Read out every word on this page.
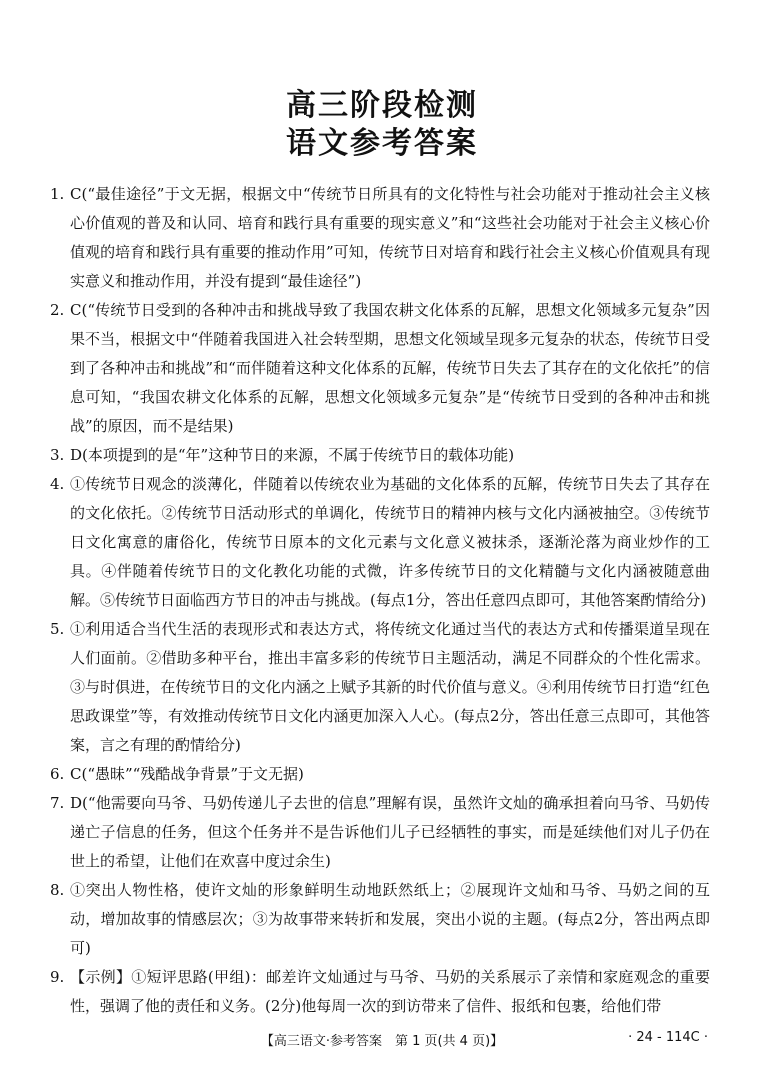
高三阶段检测
语文参考答案
1. C(“最佳途径”于文无据，根据文中“传统节日所具有的文化特性与社会功能对于推动社会主义核心价值观的普及和认同、培育和践行具有重要的现实意义”和“这些社会功能对于社会主义核心价值观的培育和践行具有重要的推动作用”可知，传统节日对培育和践行社会主义核心价值观具有现实意义和推动作用，并没有提到“最佳途径”)
2. C(“传统节日受到的各种冲击和挑战导致了我国农耕文化体系的瓦解，思想文化领域多元复杂”因果不当，根据文中“伴随着我国进入社会转型期，思想文化领域呈现多元复杂的状态，传统节日受到了各种冲击和挑战”和“而伴随着这种文化体系的瓦解，传统节日失去了其存在的文化依托”的信息可知，“我国农耕文化体系的瓦解，思想文化领域多元复杂”是“传统节日受到的各种冲击和挑战”的原因，而不是结果)
3. D(本项提到的是“年”这种节日的来源，不属于传统节日的载体功能)
4. ①传统节日观念的淡薄化，伴随着以传统农业为基础的文化体系的瓦解，传统节日失去了其存在的文化依托。②传统节日活动形式的单调化，传统节日的精神内核与文化内涵被抽空。③传统节日文化寓意的庸俗化，传统节日原本的文化元素与文化意义被抹杀，逐渐沦落为商业炒作的工具。④伴随着传统节日的文化教化功能的式微，许多传统节日的文化精髓与文化内涵被随意曲解。⑤传统节日面临西方节日的冲击与挑战。(每点1分，答出任意四点即可，其他答案酌情给分)
5. ①利用适合当代生活的表现形式和表达方式，将传统文化通过当代的表达方式和传播渠道呈现在人们面前。②借助多种平台，推出丰富多彩的传统节日主题活动，满足不同群众的个性化需求。③与时俱进，在传统节日的文化内涵之上赋予其新的时代价值与意义。④利用传统节日打造“红色思政课堂”等，有效推动传统节日文化内涵更加深入人心。(每点2分，答出任意三点即可，其他答案，言之有理的酌情给分)
6. C(“愚昧”“残酷战争背景”于文无据)
7. D(“他需要向马爷、马奶传递儿子去世的信息”理解有误，虽然许文灿的确承担着向马爷、马奶传递亡子信息的任务，但这个任务并不是告诉他们儿子已经牺牲的事实，而是延续他们对儿子仍在世上的希望，让他们在欢喜中度过余生)
8. ①突出人物性格，使许文灿的形象鲜明生动地跃然纸上；②展现许文灿和马爷、马奶之间的互动，增加故事的情感层次；③为故事带来转折和发展，突出小说的主题。(每点2分，答出两点即可)
9. 【示例】①短评思路(甲组)：邮差许文灿通过与马爷、马奶的关系展示了亲情和家庭观念的重要性，强调了他的责任和义务。(2分)他每周一次的到访带来了信件、报纸和包裹，给他们带
【高三语文·参考答案　第 1 页(共 4 页)】	· 24 - 114C ·
